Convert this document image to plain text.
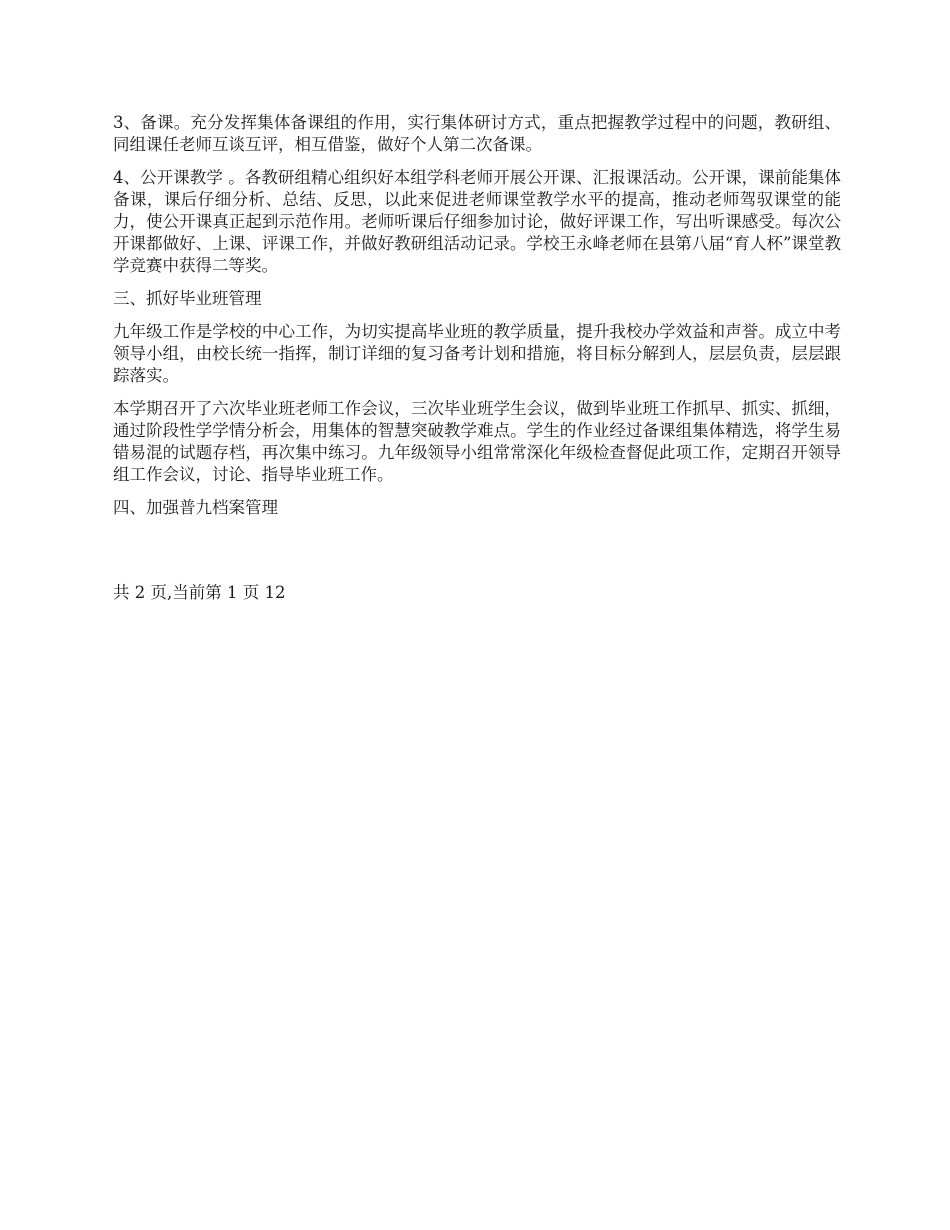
3、备课。充分发挥集体备课组的作用，实行集体研讨方式，重点把握教学过程中的问题，教研组、同组课任老师互谈互评，相互借鉴，做好个人第二次备课。

4、公开课教学 。各教研组精心组织好本组学科老师开展公开课、汇报课活动。公开课，课前能集体备课，课后仔细分析、总结、反思，以此来促进老师课堂教学水平的提高，推动老师驾驭课堂的能力，使公开课真正起到示范作用。老师听课后仔细参加讨论，做好评课工作，写出听课感受。每次公开课都做好、上课、评课工作，并做好教研组活动记录。学校王永峰老师在县第八届“育人杯”课堂教学竞赛中获得二等奖。

三、抓好毕业班管理

九年级工作是学校的中心工作，为切实提高毕业班的教学质量，提升我校办学效益和声誉。成立中考领导小组，由校长统一指挥，制订详细的复习备考计划和措施，将目标分解到人，层层负责，层层跟踪落实。

本学期召开了六次毕业班老师工作会议，三次毕业班学生会议，做到毕业班工作抓早、抓实、抓细，通过阶段性学学情分析会，用集体的智慧突破教学难点。学生的作业经过备课组集体精选，将学生易错易混的试题存档，再次集中练习。九年级领导小组常常深化年级检查督促此项工作，定期召开领导组工作会议，讨论、指导毕业班工作。

四、加强普九档案管理

共 2 页,当前第 1 页 12
